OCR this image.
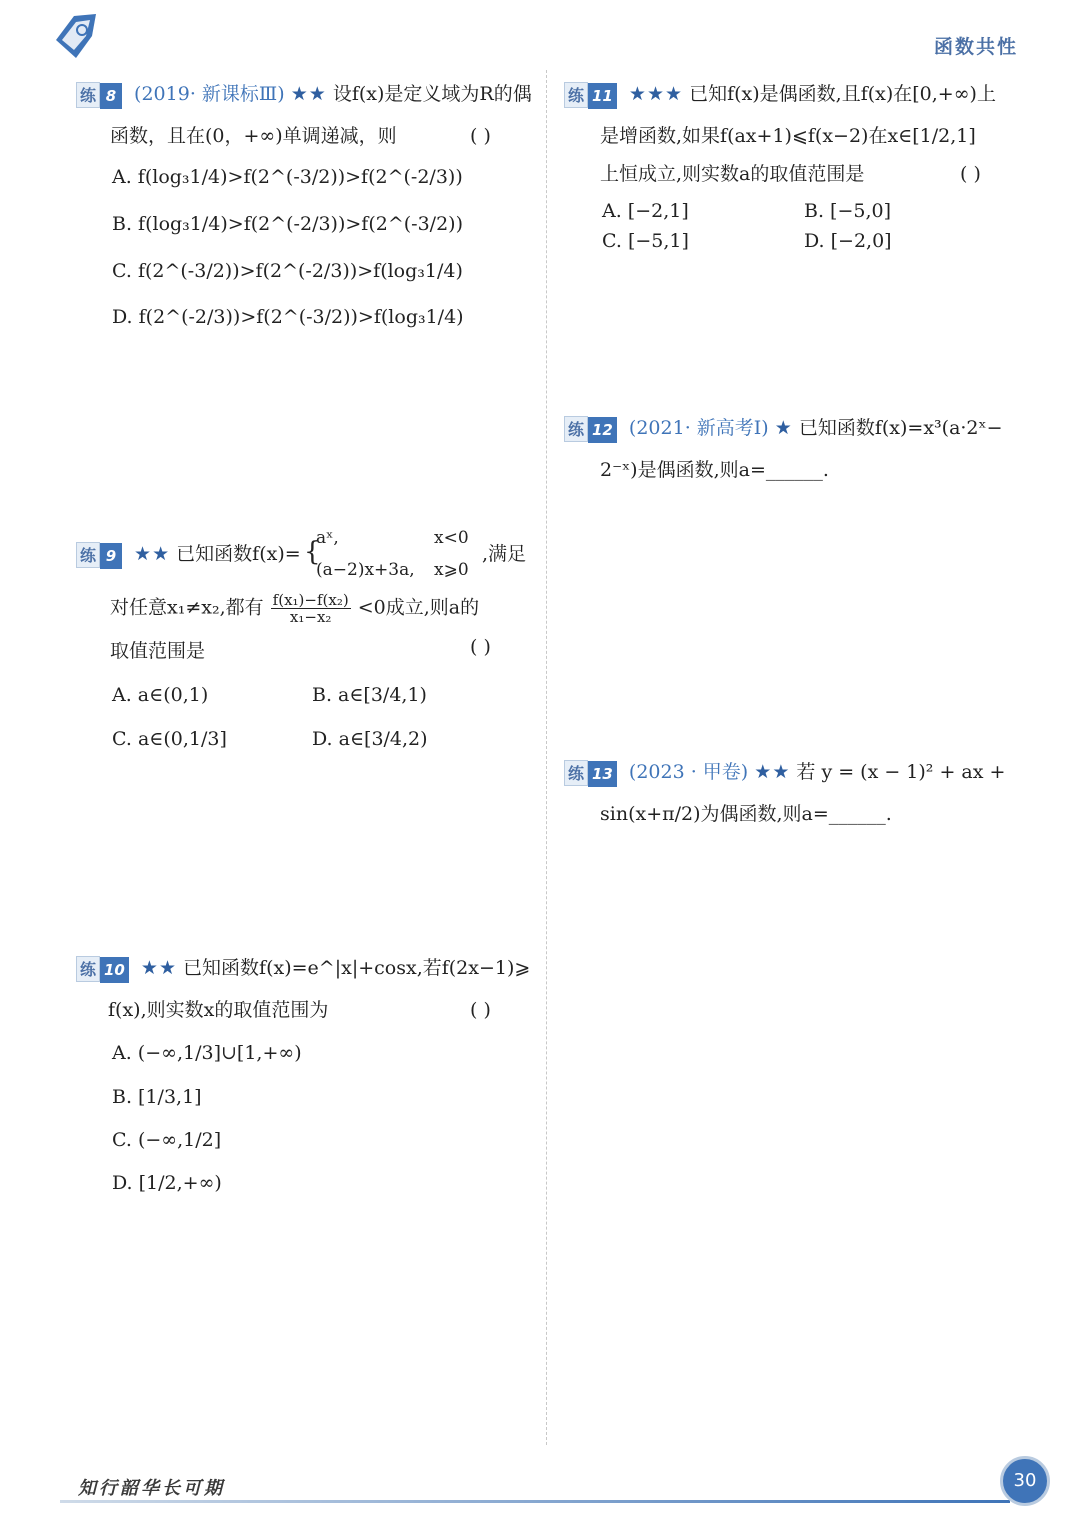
函数共性
练 8 (2019· 新课标Ⅲ) ★★ 设f(x)是定义域为R的偶
函数，且在(0，+∞)单调递减，则	( )
A. f(log₃1/4)>f(2^(-3/2))>f(2^(-2/3))
B. f(log₃1/4)>f(2^(-2/3))>f(2^(-3/2))
C. f(2^(-3/2))>f(2^(-2/3))>f(log₃1/4)
D. f(2^(-2/3))>f(2^(-3/2))>f(log₃1/4)
练 9 ★★ 已知函数f(x)= {
aˣ,	x<0
(a−2)x+3a, x⩾0
,满足
对任意x₁≠x₂,都有 $\frac{\text{f(x₁)−f(x₂)}}{\text{x₁−x₂}} <0$成立,则a的
取值范围是	( )
A. a∈(0,1)	B. a∈[3/4,1)
C. a∈(0,1/3]	D. a∈[3/4,2)
练 10 ★★ 已知函数f(x)=e^|x|+cosx,若f(2x−1)⩾
f(x),则实数x的取值范围为	( )
A. (−∞,1/3]∪[1,+∞)
B. [1/3,1]
C. (−∞,1/2]
D. [1/2,+∞)
练 11 ★★★ 已知f(x)是偶函数,且f(x)在[0,+∞)上
是增函数,如果f(ax+1)⩽f(x−2)在x∈[1/2,1]
上恒成立,则实数a的取值范围是	( )
A. [−2,1]	B. [−5,0]
C. [−5,1]	D. [−2,0]
练 12 (2021· 新高考Ⅰ) ★ 已知函数f(x)=x³(a·2ˣ−
2⁻ˣ)是偶函数,则a=______.
练 13 (2023 · 甲卷) ★★ 若 y = (x − 1)² + ax +
sin(x+π/2)为偶函数,则a=______.
知行韶华长可期	30
